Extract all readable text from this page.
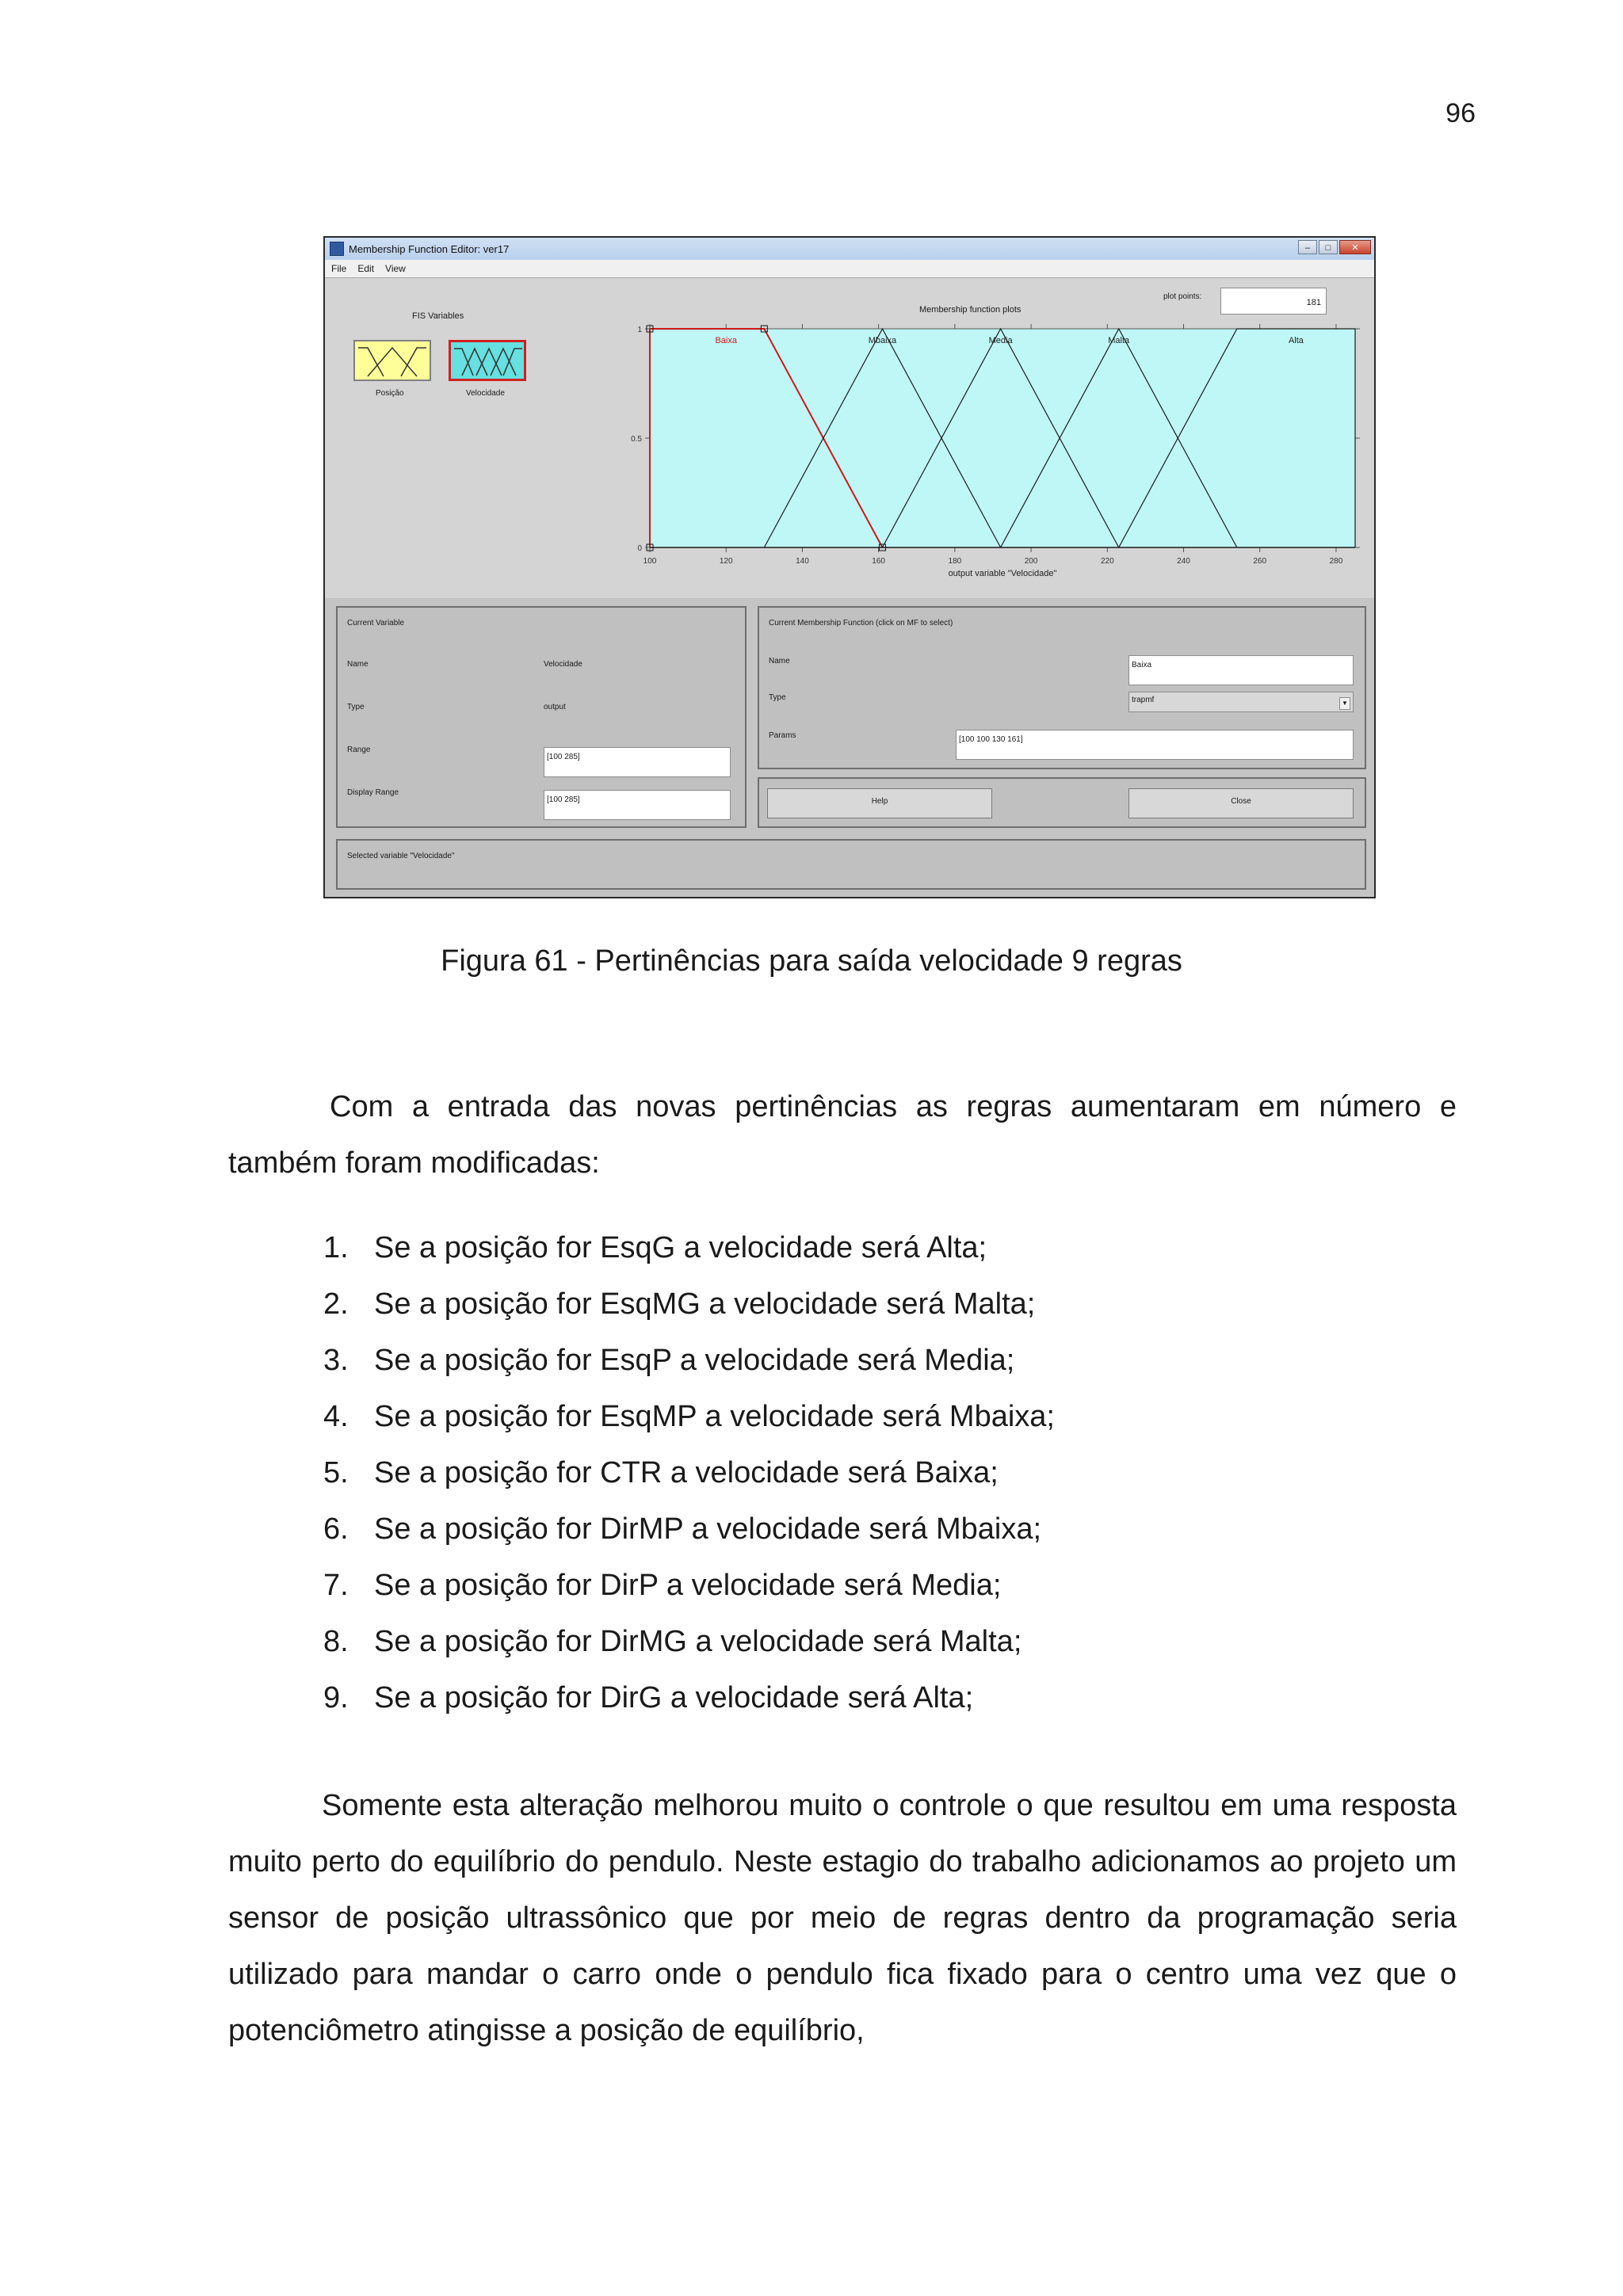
96
Membership Function Editor: ver17	–	□	✕
File Edit View
FIS Variables
Posição	Velocidade
Membership function plots
plot points:
181
0
0.5
1
100	120	140	160	180	200	220	240	260	280
output variable "Velocidade"
Baixa	Mbaixa	Media	Malta	Alta
Current Variable
Name	Velocidade
Type	output
Range
[100 285]
Display Range
[100 285]
Current Membership Function (click on MF to select)
Name	Baixa
Type	trapmf	▼
Params	[100 100 130 161]
Help	Close
Selected variable "Velocidade"
Figura 61 - Pertinências para saída velocidade 9 regras
Com a entrada das novas pertinências as regras aumentaram em número e também foram modificadas:
1. Se a posição for EsqG a velocidade será Alta;
2. Se a posição for EsqMG a velocidade será Malta;
3. Se a posição for EsqP a velocidade será Media;
4. Se a posição for EsqMP a velocidade será Mbaixa;
5. Se a posição for CTR a velocidade será Baixa;
6. Se a posição for DirMP a velocidade será Mbaixa;
7. Se a posição for DirP a velocidade será Media;
8. Se a posição for DirMG a velocidade será Malta;
9. Se a posição for DirG a velocidade será Alta;
Somente esta alteração melhorou muito o controle o que resultou em uma resposta muito perto do equilíbrio do pendulo. Neste estagio do trabalho adicionamos ao projeto um sensor de posição ultrassônico que por meio de regras dentro da programação seria utilizado para mandar o carro onde o pendulo fica fixado para o centro uma vez que o potenciômetro atingisse a posição de equilíbrio,
